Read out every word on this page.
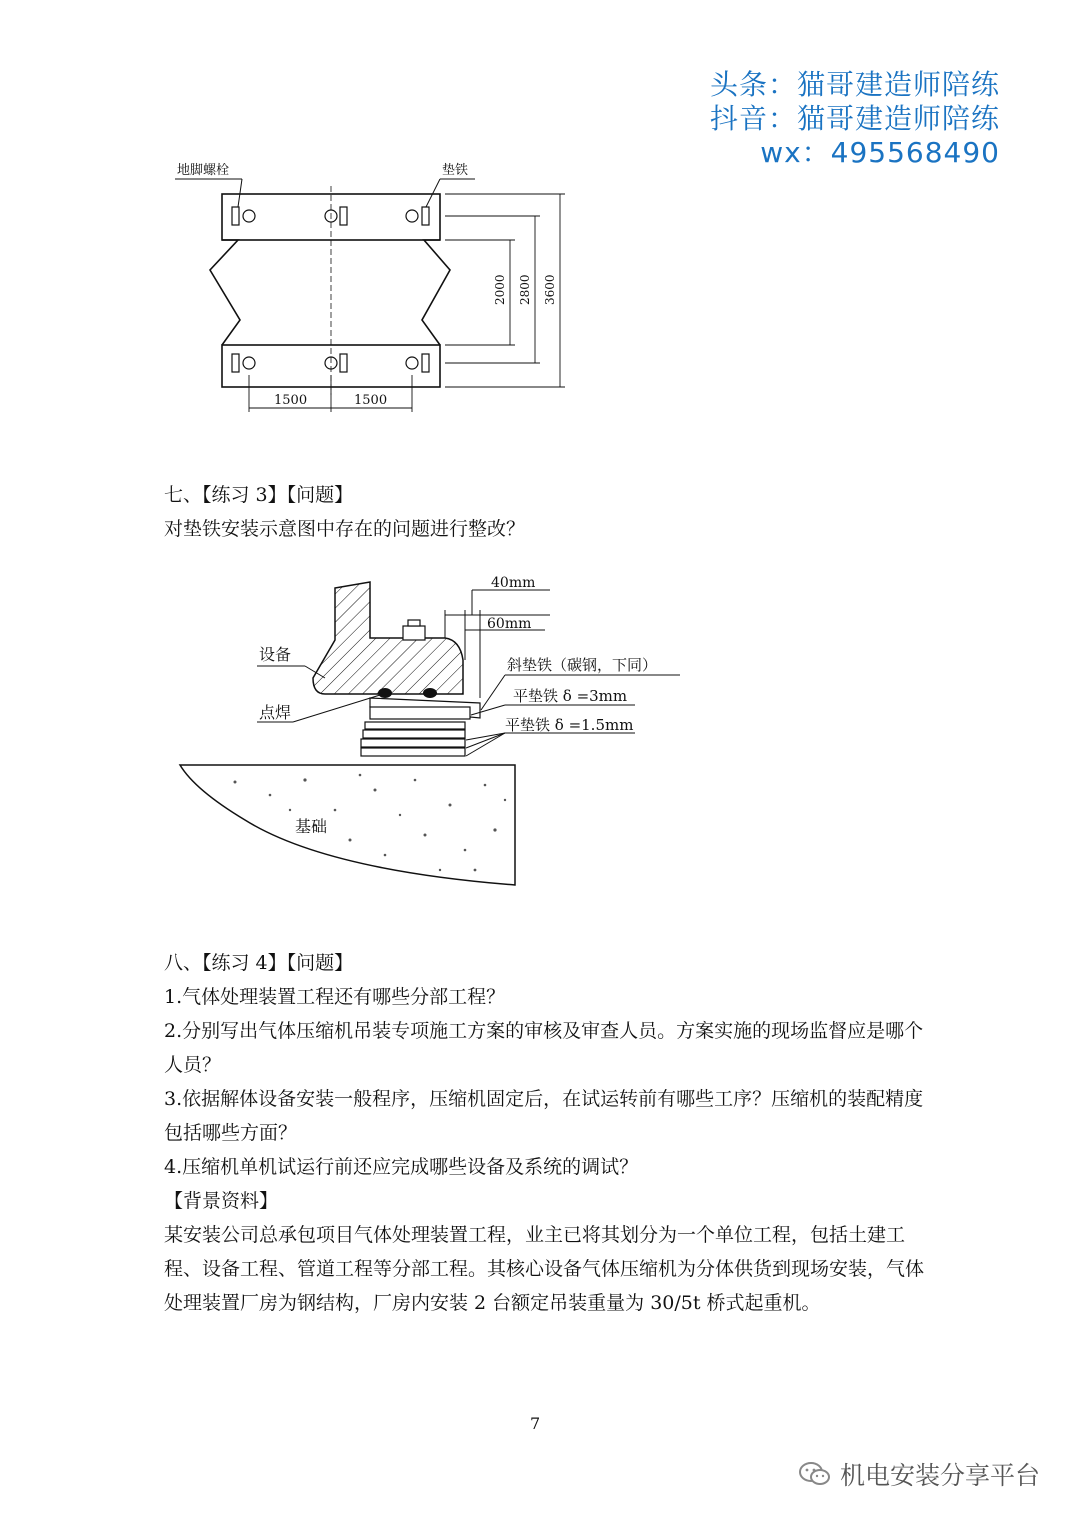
头条：猫哥建造师陪练
抖音：猫哥建造师陪练
wx：495568490
地脚螺栓	垫铁
2000 2800 3600
1500	1500

七、【练习 3】【问题】

对垫铁安装示意图中存在的问题进行整改？

40mm
60mm
设备
点焊
斜垫铁（碳钢，下同）
平垫铁 δ =3mm
平垫铁 δ =1.5mm
基础

八、【练习 4】【问题】

1.气体处理装置工程还有哪些分部工程？

2.分别写出气体压缩机吊装专项施工方案的审核及审查人员。方案实施的现场监督应是哪个人员？

3.依据解体设备安装一般程序，压缩机固定后，在试运转前有哪些工序？压缩机的装配精度包括哪些方面？

4.压缩机单机试运行前还应完成哪些设备及系统的调试？

【背景资料】

某安装公司总承包项目气体处理装置工程，业主已将其划分为一个单位工程，包括土建工程、设备工程、管道工程等分部工程。其核心设备气体压缩机为分体供货到现场安装，气体处理装置厂房为钢结构，厂房内安装 2 台额定吊装重量为 30/5t 桥式起重机。

7
机电安装分享平台
